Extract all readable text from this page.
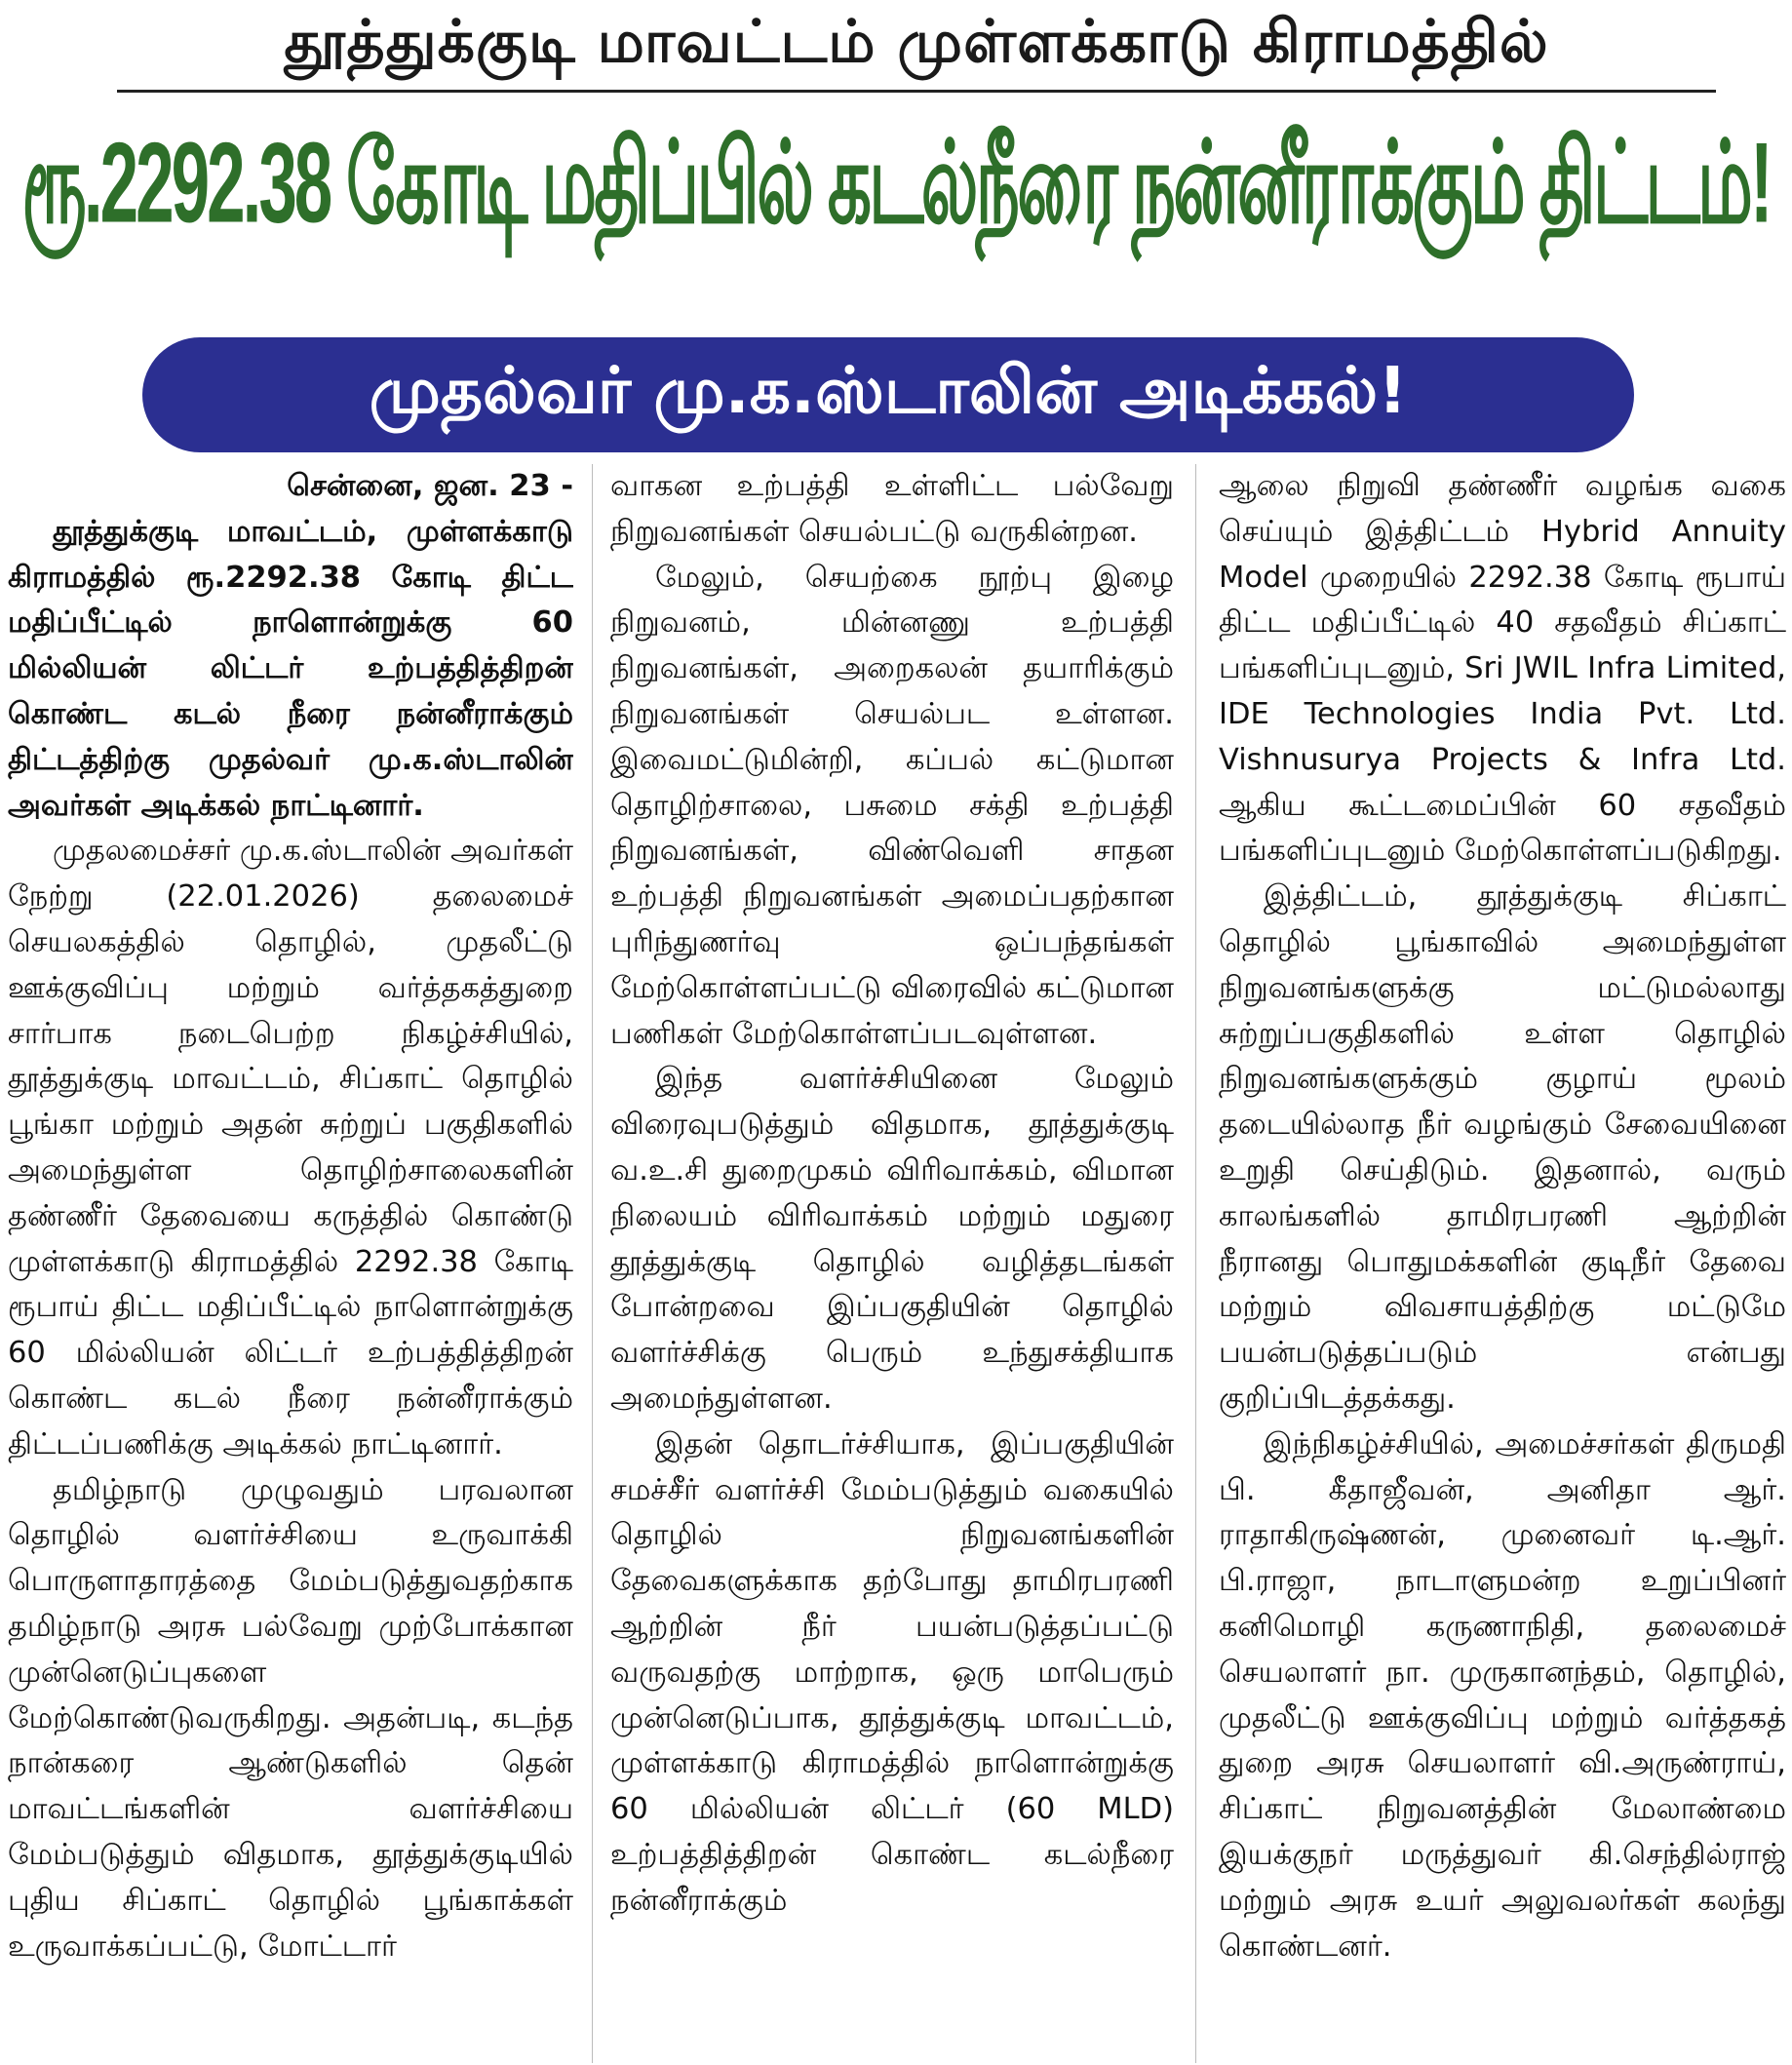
தூத்துக்குடி மாவட்டம் முள்ளக்காடு கிராமத்தில்
ரூ.2292.38 கோடி மதிப்பில் கடல்நீரை நன்னீராக்கும் திட்டம்!
முதல்வர் மு.க.ஸ்டாலின் அடிக்கல்!

சென்னை, ஜன. 23 -
தூத்துக்குடி மாவட்டம், முள்ளக்காடு கிராமத்தில் ரூ.2292.38 கோடி திட்ட மதிப்பீட்டில் நாளொன்றுக்கு 60 மில்லியன் லிட்டர் உற்பத்தித்திறன் கொண்ட கடல் நீரை நன்னீராக்கும் திட்டத்திற்கு முதல்வர் மு.க.ஸ்டாலின் அவர்கள் அடிக்கல் நாட்டினார்.

முதலமைச்சர் மு.க.ஸ்டாலின் அவர்கள் நேற்று (22.01.2026) தலைமைச் செயலகத்தில் தொழில், முதலீட்டு ஊக்குவிப்பு மற்றும் வர்த்தகத்துறை சார்பாக நடைபெற்ற நிகழ்ச்சியில், தூத்துக்குடி மாவட்டம், சிப்காட் தொழில் பூங்கா மற்றும் அதன் சுற்றுப் பகுதிகளில் அமைந்துள்ள தொழிற்சாலைகளின் தண்ணீர் தேவையை கருத்தில் கொண்டு முள்ளக்காடு கிராமத்தில் 2292.38 கோடி ரூபாய் திட்ட மதிப்பீட்டில் நாளொன்றுக்கு 60 மில்லியன் லிட்டர் உற்பத்தித்திறன் கொண்ட கடல் நீரை நன்னீராக்கும் திட்டப்பணிக்கு அடிக்கல் நாட்டினார்.

தமிழ்நாடு முழுவதும் பரவலான தொழில் வளர்ச்சியை உருவாக்கி பொருளாதாரத்தை மேம்படுத்துவதற்காக தமிழ்நாடு அரசு பல்வேறு முற்போக்கான முன்னெடுப்புகளை மேற்கொண்டுவருகிறது. அதன்படி, கடந்த நான்கரை ஆண்டுகளில் தென் மாவட்டங்களின் வளர்ச்சியை மேம்படுத்தும் விதமாக, தூத்துக்குடியில் புதிய சிப்காட் தொழில் பூங்காக்கள் உருவாக்கப்பட்டு, மோட்டார்

வாகன உற்பத்தி உள்ளிட்ட பல்வேறு நிறுவனங்கள் செயல்பட்டு வருகின்றன.

மேலும், செயற்கை நூற்பு இழை நிறுவனம், மின்னணு உற்பத்தி நிறுவனங்கள், அறைகலன் தயாரிக்கும் நிறுவனங்கள் செயல்பட உள்ளன. இவைமட்டுமின்றி, கப்பல் கட்டுமான தொழிற்சாலை, பசுமை சக்தி உற்பத்தி நிறுவனங்கள், விண்வெளி சாதன உற்பத்தி நிறுவனங்கள் அமைப்பதற்கான புரிந்துணர்வு ஒப்பந்தங்கள் மேற்கொள்ளப்பட்டு விரைவில் கட்டுமான பணிகள் மேற்கொள்ளப்படவுள்ளன.

இந்த வளர்ச்சியினை மேலும் விரைவுபடுத்தும் விதமாக, தூத்துக்குடி வ.உ.சி துறைமுகம் விரிவாக்கம், விமான நிலையம் விரிவாக்கம் மற்றும் மதுரை தூத்துக்குடி தொழில் வழித்தடங்கள் போன்றவை இப்பகுதியின் தொழில் வளர்ச்சிக்கு பெரும் உந்துசக்தியாக அமைந்துள்ளன.

இதன் தொடர்ச்சியாக, இப்பகுதியின் சமச்சீர் வளர்ச்சி மேம்படுத்தும் வகையில் தொழில் நிறுவனங்களின் தேவைகளுக்காக தற்போது தாமிரபரணி ஆற்றின் நீர் பயன்படுத்தப்பட்டு வருவதற்கு மாற்றாக, ஒரு மாபெரும் முன்னெடுப்பாக, தூத்துக்குடி மாவட்டம், முள்ளக்காடு கிராமத்தில் நாளொன்றுக்கு 60 மில்லியன் லிட்டர் (60 MLD) உற்பத்தித்திறன் கொண்ட கடல்நீரை நன்னீராக்கும்

ஆலை நிறுவி தண்ணீர் வழங்க வகை செய்யும் இத்திட்டம் Hybrid Annuity Model முறையில் 2292.38 கோடி ரூபாய் திட்ட மதிப்பீட்டில் 40 சதவீதம் சிப்காட் பங்களிப்புடனும், Sri JWIL Infra Limited, IDE Technologies India Pvt. Ltd. Vishnusurya Projects & Infra Ltd. ஆகிய கூட்டமைப்பின் 60 சதவீதம் பங்களிப்புடனும் மேற்கொள்ளப்படுகிறது.

இத்திட்டம், தூத்துக்குடி சிப்காட் தொழில் பூங்காவில் அமைந்துள்ள நிறுவனங்களுக்கு மட்டுமல்லாது சுற்றுப்பகுதிகளில் உள்ள தொழில் நிறுவனங்களுக்கும் குழாய் மூலம் தடையில்லாத நீர் வழங்கும் சேவையினை உறுதி செய்திடும். இதனால், வரும் காலங்களில் தாமிரபரணி ஆற்றின் நீரானது பொதுமக்களின் குடிநீர் தேவை மற்றும் விவசாயத்திற்கு மட்டுமே பயன்படுத்தப்படும் என்பது குறிப்பிடத்தக்கது.

இந்நிகழ்ச்சியில், அமைச்சர்கள் திருமதி பி. கீதாஜீவன், அனிதா ஆர். ராதாகிருஷ்ணன், முனைவர் டி.ஆர். பி.ராஜா, நாடாளுமன்ற உறுப்பினர் கனிமொழி கருணாநிதி, தலைமைச் செயலாளர் நா. முருகானந்தம், தொழில், முதலீட்டு ஊக்குவிப்பு மற்றும் வர்த்தகத் துறை அரசு செயலாளர் வி.அருண்ராய், சிப்காட் நிறுவனத்தின் மேலாண்மை இயக்குநர் மருத்துவர் கி.செந்தில்ராஜ் மற்றும் அரசு உயர் அலுவலர்கள் கலந்து கொண்டனர்.
